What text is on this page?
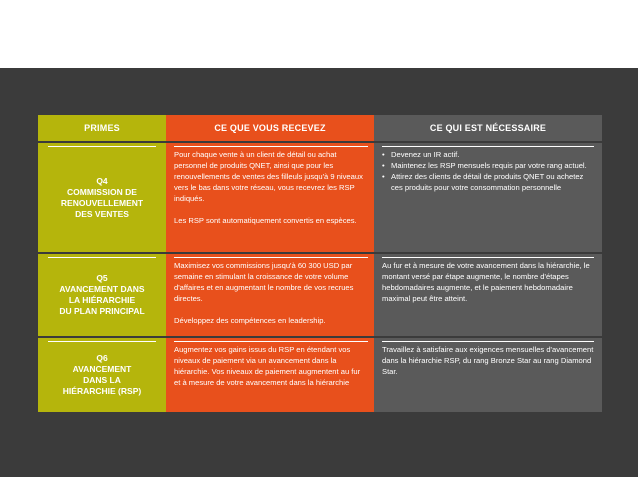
PRIMES	CE QUE VOUS RECEVEZ	CE QUI EST NÉCESSAIRE
Q4
COMMISSION DE
RENOUVELLEMENT
DES VENTES

Pour chaque vente à un client de détail ou achat personnel de produits QNET, ainsi que pour les renouvellements de ventes des filleuls jusqu'à 9 niveaux vers le bas dans votre réseau, vous recevrez les RSP indiqués.

Les RSP sont automatiquement convertis en espèces.

• Devenez un IR actif.
• Maintenez les RSP mensuels requis par votre rang actuel.
• Attirez des clients de détail de produits QNET ou achetez ces produits pour votre consommation personnelle
Q5
AVANCEMENT DANS
LA HIÉRARCHIE
DU PLAN PRINCIPAL

Maximisez vos commissions jusqu'à 60 300 USD par semaine en stimulant la croissance de votre volume d'affaires et en augmentant le nombre de vos recrues directes.

Développez des compétences en leadership.

Au fur et à mesure de votre avancement dans la hiérarchie, le montant versé par étape augmente, le nombre d'étapes hebdomadaires augmente, et le paiement hebdomadaire maximal peut être atteint.

Q6
AVANCEMENT
DANS LA
HIÉRARCHIE (RSP)

Augmentez vos gains issus du RSP en étendant vos niveaux de paiement via un avancement dans la hiérarchie. Vos niveaux de paiement augmentent au fur et à mesure de votre avancement dans la hiérarchie

Travaillez à satisfaire aux exigences mensuelles d'avancement dans la hiérarchie RSP, du rang Bronze Star au rang Diamond Star.
